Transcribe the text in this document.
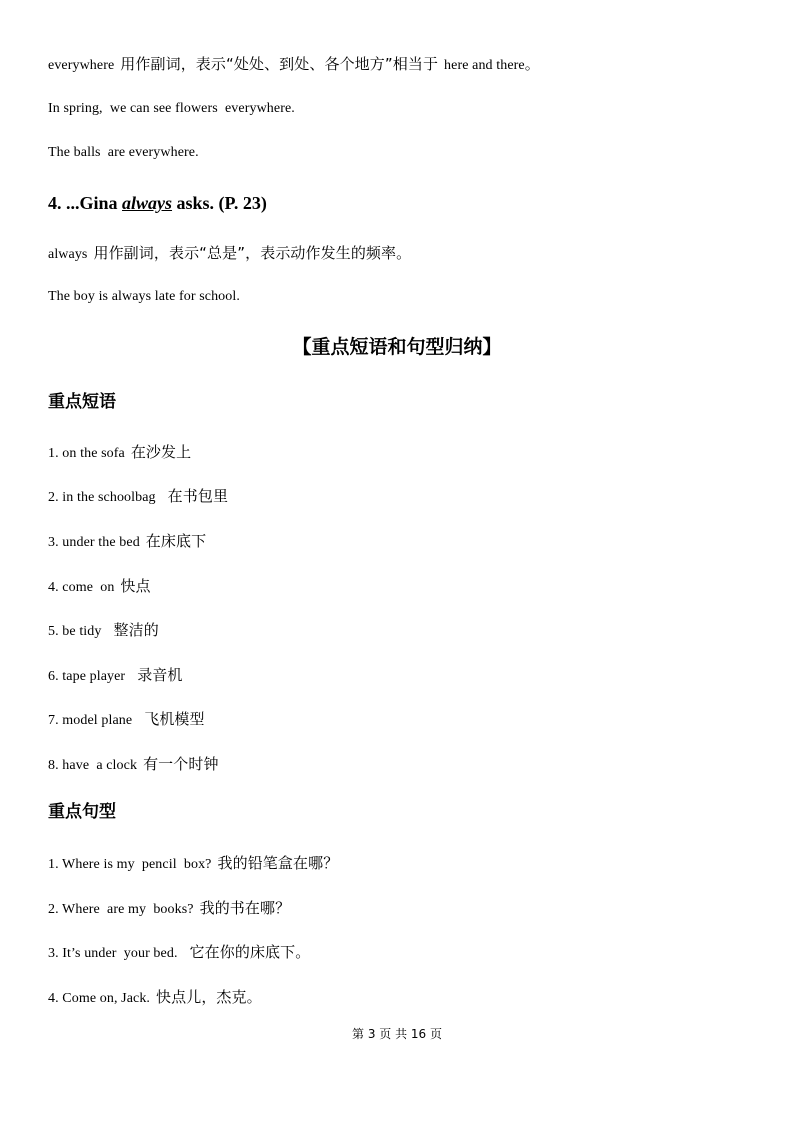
everywhere 用作副词，表示“处处、到处、各个地方”相当于 here and there。
In spring,  we can see flowers  everywhere.
The balls  are everywhere.
4. ...Gina always asks. (P. 23)
always 用作副词，表示“总是”，表示动作发生的频率。
The boy is always late for school.
【重点短语和句型归纳】
重点短语
1. on the sofa 在沙发上
2. in the schoolbag 在书包里
3. under the bed 在床底下
4. come  on 快点
5. be tidy 整洁的
6. tape player 录音机
7. model plane 飞机模型
8. have  a clock 有一个时钟
重点句型
1. Where is my  pencil  box? 我的铅笔盒在哪？
2. Where  are my  books? 我的书在哪？
3. It’s under  your bed. 它在你的床底下。
4. Come on, Jack. 快点儿，杰克。
第 3 页 共 16 页
